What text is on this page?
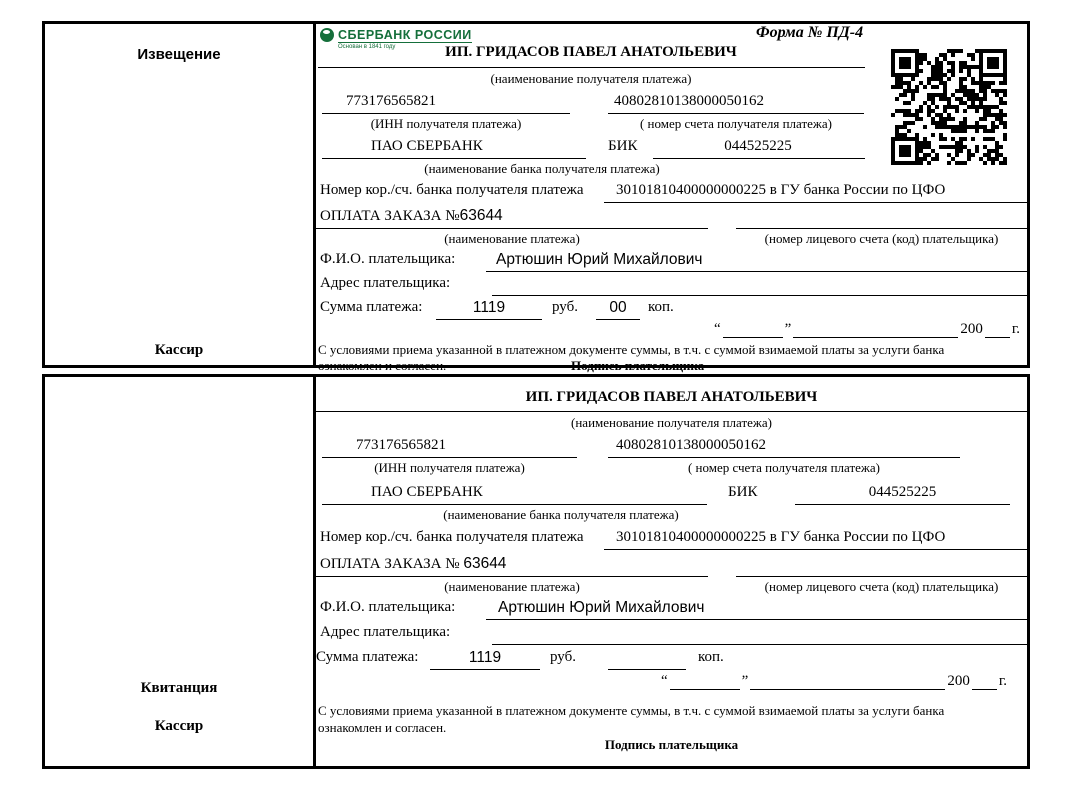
Извещение
Кассир
СБЕРБАНК РОССИИ
Основан в 1841 году
Форма № ПД-4
ИП. ГРИДАСОВ ПАВЕЛ АНАТОЛЬЕВИЧ
(наименование получателя платежа)
773176565821	40802810138000050162
(ИНН получателя платежа)	( номер счета получателя платежа)
ПАО СБЕРБАНК	БИК	044525225
(наименование банка получателя платежа)
Номер кор./сч. банка получателя платежа 30101810400000000225 в ГУ банка России по ЦФО
ОПЛАТА ЗАКАЗА №63644
(наименование платежа)	(номер лицевого счета (код) плательщика)
Ф.И.О. плательщика:	Артюшин Юрий Михайлович
Адрес плательщика:
Сумма платежа:	1119	руб.	00	коп.
“	”	200 г.
С условиями приема указанной в платежном документе суммы, в т.ч. с суммой взимаемой платы за услуги банка
ознакомлен и согласен.	Подпись плательщика
Квитанция
Кассир
ИП. ГРИДАСОВ ПАВЕЛ АНАТОЛЬЕВИЧ
(наименование получателя платежа)
773176565821	40802810138000050162
(ИНН получателя платежа)	( номер счета получателя платежа)
ПАО СБЕРБАНК	БИК	044525225
(наименование банка получателя платежа)
Номер кор./сч. банка получателя платежа 30101810400000000225 в ГУ банка России по ЦФО
ОПЛАТА ЗАКАЗА № 63644
(наименование платежа)	(номер лицевого счета (код) плательщика)
Ф.И.О. плательщика:	Артюшин Юрий Михайлович
Адрес плательщика:
Сумма платежа:	1119	руб.	коп.
“	”	200 г.
С условиями приема указанной в платежном документе суммы, в т.ч. с суммой взимаемой платы за услуги банка
ознакомлен и согласен.
Подпись плательщика
